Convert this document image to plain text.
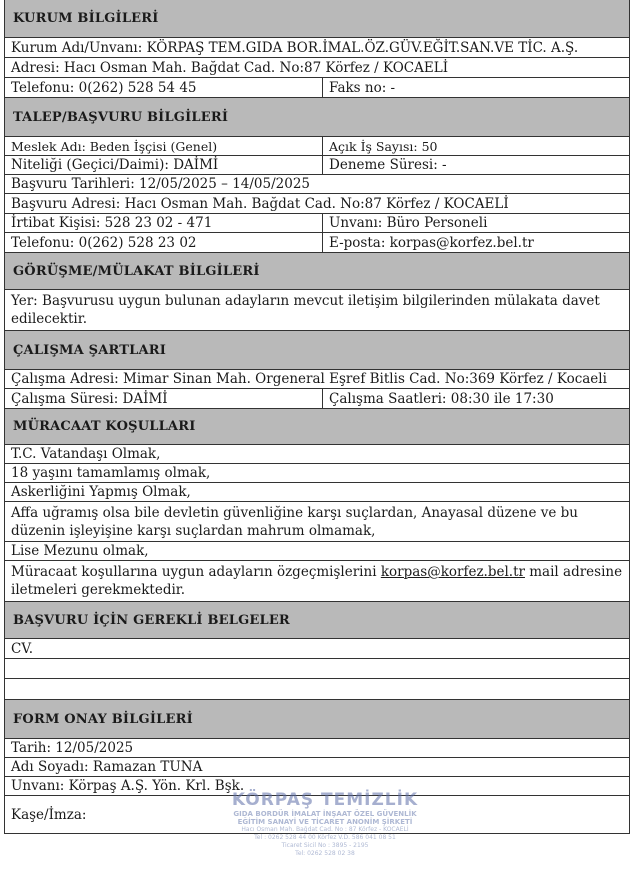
KURUM BİLGİLERİ
Kurum Adı/Unvanı: KÖRPAŞ TEM.GIDA BOR.İMAL.ÖZ.GÜV.EĞİT.SAN.VE TİC. A.Ş.
Adresi: Hacı Osman Mah. Bağdat Cad. No:87 Körfez / KOCAELİ
Telefonu: 0(262) 528 54 45	Faks no: -
TALEP/BAŞVURU BİLGİLERİ
Meslek Adı: Beden İşçisi (Genel)	Açık İş Sayısı: 50
Niteliği (Geçici/Daimi): DAİMİ	Deneme Süresi: -
Başvuru Tarihleri: 12/05/2025 – 14/05/2025
Başvuru Adresi: Hacı Osman Mah. Bağdat Cad. No:87 Körfez / KOCAELİ
İrtibat Kişisi: 528 23 02 - 471	Unvanı: Büro Personeli
Telefonu: 0(262) 528 23 02	E-posta: korpas@korfez.bel.tr
GÖRÜŞME/MÜLAKAT BİLGİLERİ
Yer: Başvurusu uygun bulunan adayların mevcut iletişim bilgilerinden mülakata davet edilecektir.
ÇALIŞMA ŞARTLARI
Çalışma Adresi: Mimar Sinan Mah. Orgeneral Eşref Bitlis Cad. No:369 Körfez / Kocaeli
Çalışma Süresi: DAİMİ	Çalışma Saatleri: 08:30 ile 17:30
MÜRACAAT KOŞULLARI
T.C. Vatandaşı Olmak,
18 yaşını tamamlamış olmak,
Askerliğini Yapmış Olmak,
Affa uğramış olsa bile devletin güvenliğine karşı suçlardan, Anayasal düzene ve bu düzenin işleyişine karşı suçlardan mahrum olmamak,
Lise Mezunu olmak,
Müracaat koşullarına uygun adayların özgeçmişlerini korpas@korfez.bel.tr mail adresine iletmeleri gerekmektedir.
BAŞVURU İÇİN GEREKLİ BELGELER
CV.
FORM ONAY BİLGİLERİ
Tarih: 12/05/2025
Adı Soyadı: Ramazan TUNA
Unvanı: Körpaş A.Ş. Yön. Krl. Bşk.
Kaşe/İmza:
KÖRPAŞ TEMİZLİK
GIDA BORDÜR İMALAT İNŞAAT ÖZEL GÜVENLİK
EĞİTİM SANAYİ VE TİCARET ANONİM ŞİRKETİ
Hacı Osman Mah. Bağdat Cad. No : 87 Körfez - KOCAELİ
Tel : 0262 528 44 00 Körfez V.D. 586 041 08 51
Ticaret Sicil No : 3895 - 2195
Tel: 0262 528 02 38
